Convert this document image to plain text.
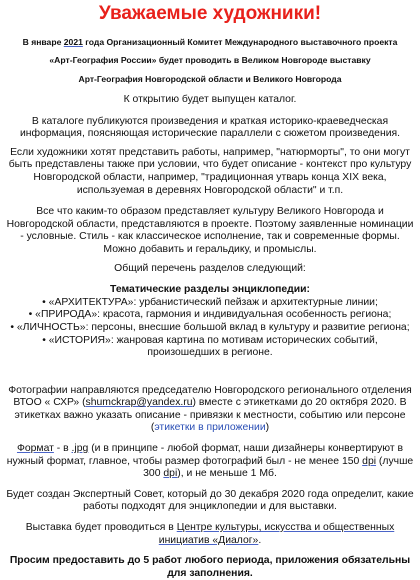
Уважаемые художники!

В январе 2021 года Организационный Комитет Международного выставочного проекта

«Арт-География России» будет проводить в Великом Новгороде выставку

Арт-География Новгородской области и Великого Новгорода

К открытию будет выпущен каталог.

В каталоге публикуются произведения и краткая историко-краеведческая информация, поясняющая исторические параллели с сюжетом произведения.

Если художники хотят представить работы, например, "натюрморты", то они могут быть представлены также при условии, что будет описание - контекст про культуру Новгородской области, например, "традиционная утварь конца XIX века, используемая в деревнях Новгородской области" и т.п.

Все что каким-то образом представляет культуру Великого Новгорода и Новгородской области, представляются в проекте. Поэтому заявленные номинации - условные. Стиль - как классическое исполнение, так и современные формы. Можно добавить и геральдику, и промыслы.

Общий перечень разделов следующий:

Тематические разделы энциклопедии:

• «АРХИТЕКТУРА»: урбанистический пейзаж и архитектурные линии;

• «ПРИРОДА»: красота, гармония и индивидуальная особенность региона;

• «ЛИЧНОСТЬ»: персоны, внесшие большой вклад в культуру и развитие региона;

• «ИСТОРИЯ»: жанровая картина по мотивам исторических событий, произошедших в регионе.

Фотографии направляются председателю Новгородского регионального отделения ВТОО « СХР» (shumckrap@yandex.ru) вместе с этикетками до 20 октября 2020. В этикетках важно указать описание - привязки к местности, событию или персоне (этикетки в приложении)

Формат - в .jpg (и в принципе - любой формат, наши дизайнеры конвертируют в нужный формат, главное, чтобы размер фотографий был - не менее 150 dpi (лучше 300 dpi), и не меньше 1 Мб.

Будет создан Экспертный Совет, который до 30 декабря 2020 года определит, какие работы подходят для энциклопедии и для выставки.

Выставка будет проводиться в Центре культуры, искусства и общественных инициатив «Диалог».

Просим предоставить до 5 работ любого периода, приложения обязательны для заполнения.
